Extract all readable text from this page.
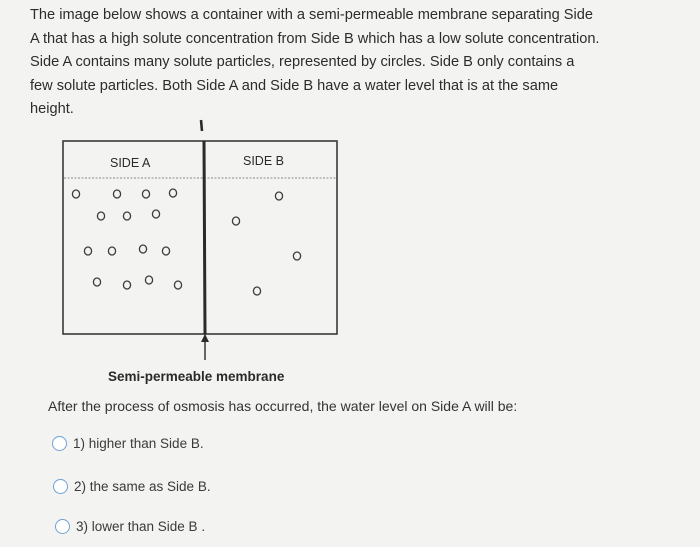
The image below shows a container with a semi-permeable membrane separating Side A that has a high solute concentration from Side B which has a low solute concentration. Side A contains many solute particles, represented by circles. Side B only contains a few solute particles. Both Side A and Side B have a water level that is at the same height.
SIDE A	SIDE B
Semi-permeable membrane
After the process of osmosis has occurred, the water level on Side A will be:
1) higher than Side B.
2) the same as Side B.
3) lower than Side B .
